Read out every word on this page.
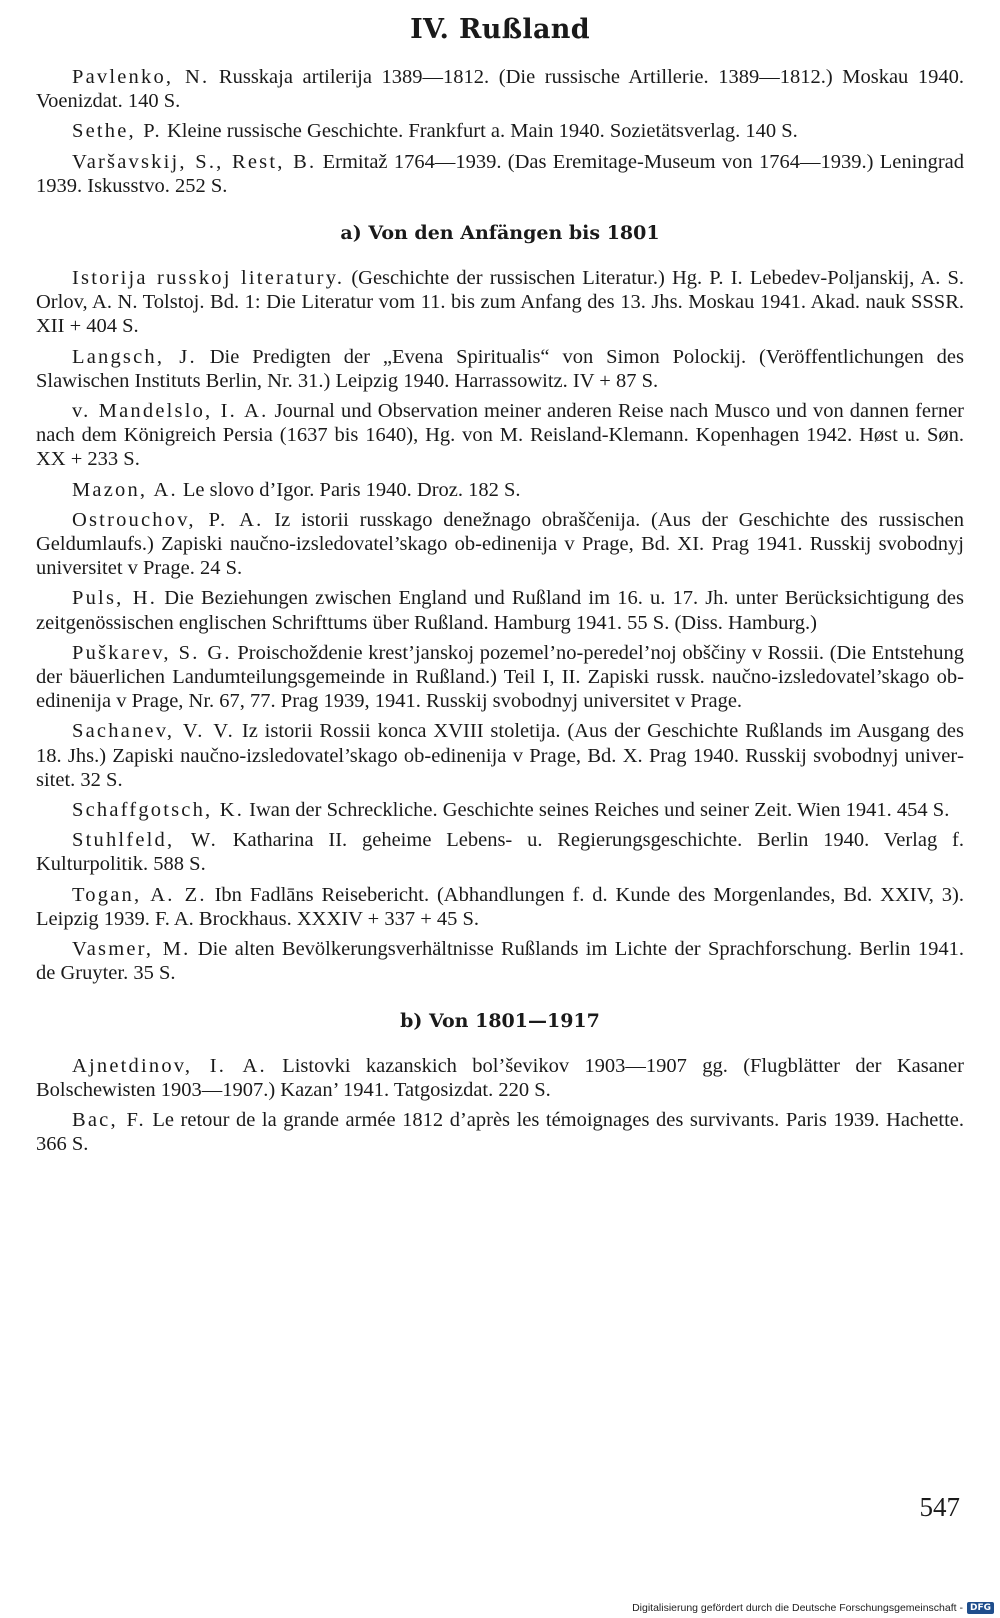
IV. Rußland

Pavlenko, N. Russkaja artilerija 1389—1812. (Die russische Artillerie. 1389—1812.) Moskau 1940. Voenizdat. 140 S.

Sethe, P. Kleine russische Geschichte. Frankfurt a. Main 1940. Sozietätsverlag. 140 S.

Varšavskij, S., Rest, B. Ermitaž 1764—1939. (Das Eremitage-Museum von 1764—1939.) Leningrad 1939. Iskusstvo. 252 S.

a) Von den Anfängen bis 1801

Istorija russkoj literatury. (Geschichte der russischen Literatur.) Hg. P. I. Lebedev-Poljanskij, A. S. Orlov, A. N. Tolstoj. Bd. 1: Die Literatur vom 11. bis zum Anfang des 13. Jhs. Moskau 1941. Akad. nauk SSSR. XII + 404 S.

Langsch, J. Die Predigten der „Evena Spiritualis“ von Simon Polockij. (Veröffentlichungen des Slawischen Instituts Berlin, Nr. 31.) Leipzig 1940. Harrassowitz. IV + 87 S.

v. Mandelslo, I. A. Journal und Observation meiner anderen Reise nach Musco und von dannen ferner nach dem Königreich Persia (1637 bis 1640), Hg. von M. Reisland-Klemann. Kopenhagen 1942. Høst u. Søn. XX + 233 S.

Mazon, A. Le slovo d’Igor. Paris 1940. Droz. 182 S.

Ostrouchov, P. A. Iz istorii russkago denežnago obraščenija. (Aus der Geschichte des russischen Geldumlaufs.) Zapiski naučno-izsledovatel’skago ob-edinenija v Prage, Bd. XI. Prag 1941. Russkij svobodnyj universitet v Prage. 24 S.

Puls, H. Die Beziehungen zwischen England und Rußland im 16. u. 17. Jh. unter Berücksichtigung des zeitgenössischen englischen Schrifttums über Rußland. Hamburg 1941. 55 S. (Diss. Hamburg.)

Puškarev, S. G. Proischoždenie krest’janskoj pozemel’no-peredel’noj obščiny v Rossii. (Die Entstehung der bäuerlichen Landumteilungsgemeinde in Rußland.) Teil I, II. Zapiski russk. naučno-izsledovatel’skago ob-edinenija v Prage, Nr. 67, 77. Prag 1939, 1941. Russkij svobodnyj universitet v Prage.

Sachanev, V. V. Iz istorii Rossii konca XVIII stoletija. (Aus der Geschichte Rußlands im Ausgang des 18. Jhs.) Zapiski naučno-izsledovatel’skago ob-edinenija v Prage, Bd. X. Prag 1940. Russkij svobodnyj universitet. 32 S.

Schaffgotsch, K. Iwan der Schreckliche. Geschichte seines Reiches und seiner Zeit. Wien 1941. 454 S.

Stuhlfeld, W. Katharina II. geheime Lebens- u. Regierungsgeschichte. Berlin 1940. Verlag f. Kulturpolitik. 588 S.

Togan, A. Z. Ibn Fadlāns Reisebericht. (Abhandlungen f. d. Kunde des Morgenlandes, Bd. XXIV, 3). Leipzig 1939. F. A. Brockhaus. XXXIV + 337 + 45 S.

Vasmer, M. Die alten Bevölkerungsverhältnisse Rußlands im Lichte der Sprachforschung. Berlin 1941. de Gruyter. 35 S.

b) Von 1801—1917

Ajnetdinov, I. A. Listovki kazanskich bol’ševikov 1903—1907 gg. (Flugblätter der Kasaner Bolschewisten 1903—1907.) Kazan’ 1941. Tatgosizdat. 220 S.

Bac, F. Le retour de la grande armée 1812 d’après les témoignages des survivants. Paris 1939. Hachette. 366 S.

547
Digitalisierung gefördert durch die Deutsche Forschungsgemeinschaft - DFG
